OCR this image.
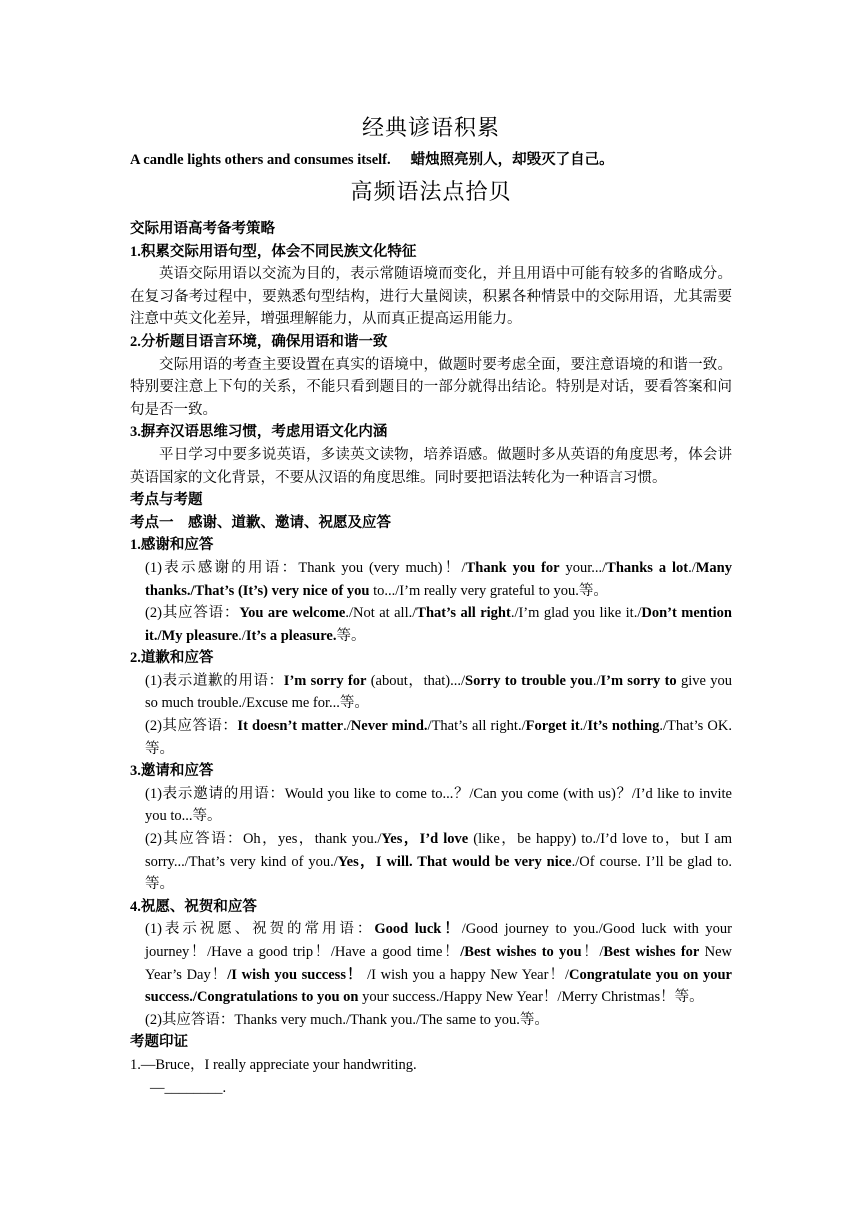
经典谚语积累
A candle lights others and consumes itself. 蜡烛照亮别人，却毁灭了自己。
高频语法点拾贝
交际用语高考备考策略
1.积累交际用语句型，体会不同民族文化特征
英语交际用语以交流为目的，表示常随语境而变化，并且用语中可能有较多的省略成分。在复习备考过程中，要熟悉句型结构，进行大量阅读，积累各种情景中的交际用语，尤其需要注意中英文化差异，增强理解能力，从而真正提高运用能力。
2.分析题目语言环境，确保用语和谐一致
交际用语的考查主要设置在真实的语境中，做题时要考虑全面，要注意语境的和谐一致。特别要注意上下句的关系，不能只看到题目的一部分就得出结论。特别是对话，要看答案和问句是否一致。
3.摒弃汉语思维习惯，考虑用语文化内涵
平日学习中要多说英语，多读英文读物，培养语感。做题时多从英语的角度思考，体会讲英语国家的文化背景，不要从汉语的角度思维。同时要把语法转化为一种语言习惯。
考点与考题
考点一　感谢、道歉、邀请、祝愿及应答
1.感谢和应答
(1)表示感谢的用语：Thank you (very much)！/Thank you for your.../Thanks a lot./Many thanks./That’s (It’s) very nice of you to.../I’m really very grateful to you.等。
(2)其应答语：You are welcome./Not at all./That’s all right./I’m glad you like it./Don’t mention it./My pleasure./It’s a pleasure.等。
2.道歉和应答
(1)表示道歉的用语：I’m sorry for (about，that).../Sorry to trouble you./I’m sorry to give you so much trouble./Excuse me for...等。
(2)其应答语：It doesn’t matter./Never mind./That’s all right./Forget it./It’s nothing./That’s OK.等。
3.邀请和应答
(1)表示邀请的用语：Would you like to come to...？/Can you come (with us)？/I’d like to invite you to...等。
(2)其应答语：Oh，yes，thank you./Yes，I’d love (like，be happy) to./I’d love to，but I am sorry.../That’s very kind of you./Yes，I will. That would be very nice./Of course. I’ll be glad to.等。
4.祝愿、祝贺和应答
(1)表示祝愿、祝贺的常用语：Good luck！/Good journey to you./Good luck with your journey！/Have a good trip！/Have a good time！/Best wishes to you！/Best wishes for New Year’s Day！/I wish you success！ /I wish you a happy New Year！/Congratulate you on your success./Congratulations to you on your success./Happy New Year！/Merry Christmas！等。
(2)其应答语：Thanks very much./Thank you./The same to you.等。
考题印证
1.—Bruce，I really appreciate your handwriting.
—________.
